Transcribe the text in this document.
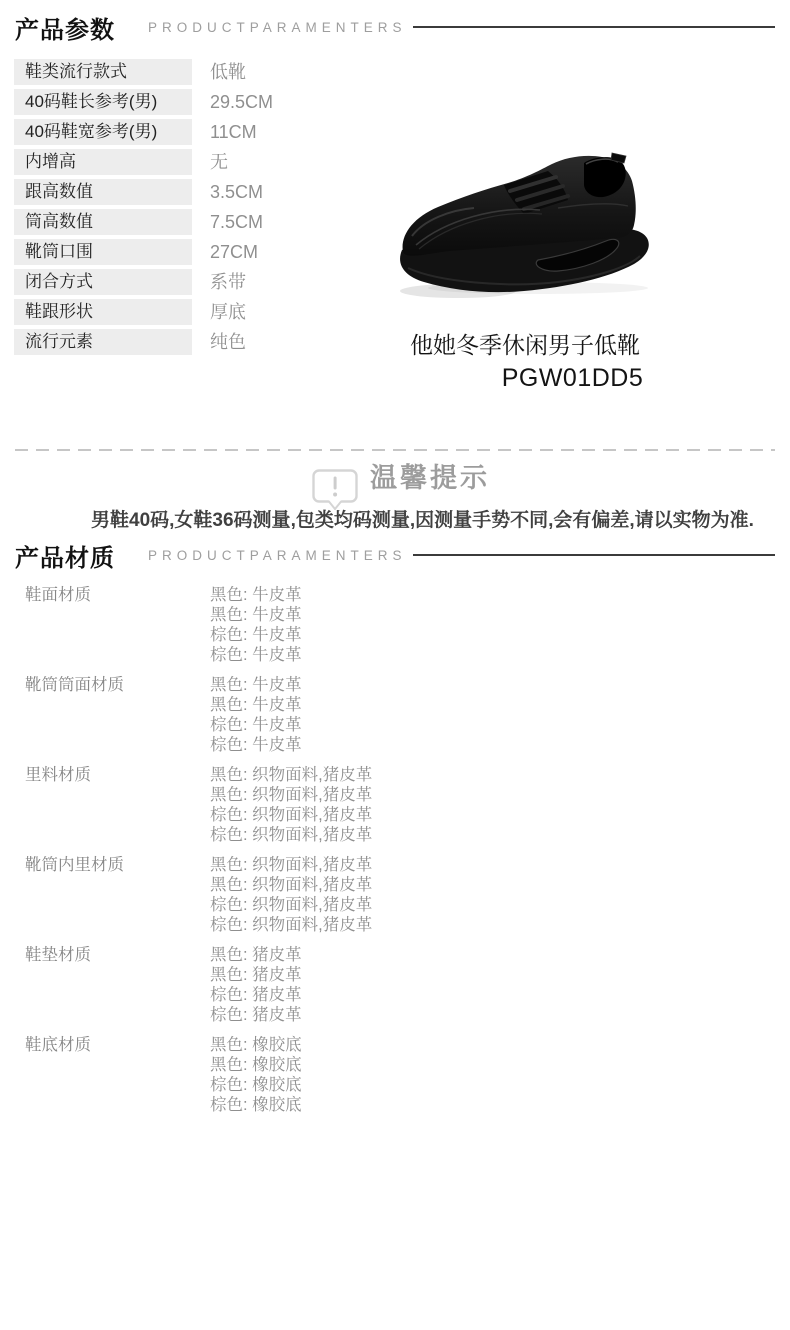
产品参数 PRODUCTPARAMENTERS
鞋类流行款式	低靴
40码鞋长参考(男)	29.5CM
40码鞋宽参考(男)	11CM
内增高	无
跟高数值	3.5CM
筒高数值	7.5CM
靴筒口围	27CM
闭合方式	系带
鞋跟形状	厚底
流行元素	纯色	他她冬季休闲男子低靴
PGW01DD5
温馨提示
男鞋40码,女鞋36码测量,包类均码测量,因测量手势不同,会有偏差,请以实物为准.
产品材质 PRODUCTPARAMENTERS
鞋面材质	黑色: 牛皮革
黑色: 牛皮革
棕色: 牛皮革
棕色: 牛皮革
靴筒筒面材质	黑色: 牛皮革
黑色: 牛皮革
棕色: 牛皮革
棕色: 牛皮革
里料材质	黑色: 织物面料,猪皮革
黑色: 织物面料,猪皮革
棕色: 织物面料,猪皮革
棕色: 织物面料,猪皮革
靴筒内里材质	黑色: 织物面料,猪皮革
黑色: 织物面料,猪皮革
棕色: 织物面料,猪皮革
棕色: 织物面料,猪皮革
鞋垫材质	黑色: 猪皮革
黑色: 猪皮革
棕色: 猪皮革
棕色: 猪皮革
鞋底材质	黑色: 橡胶底
黑色: 橡胶底
棕色: 橡胶底
棕色: 橡胶底
